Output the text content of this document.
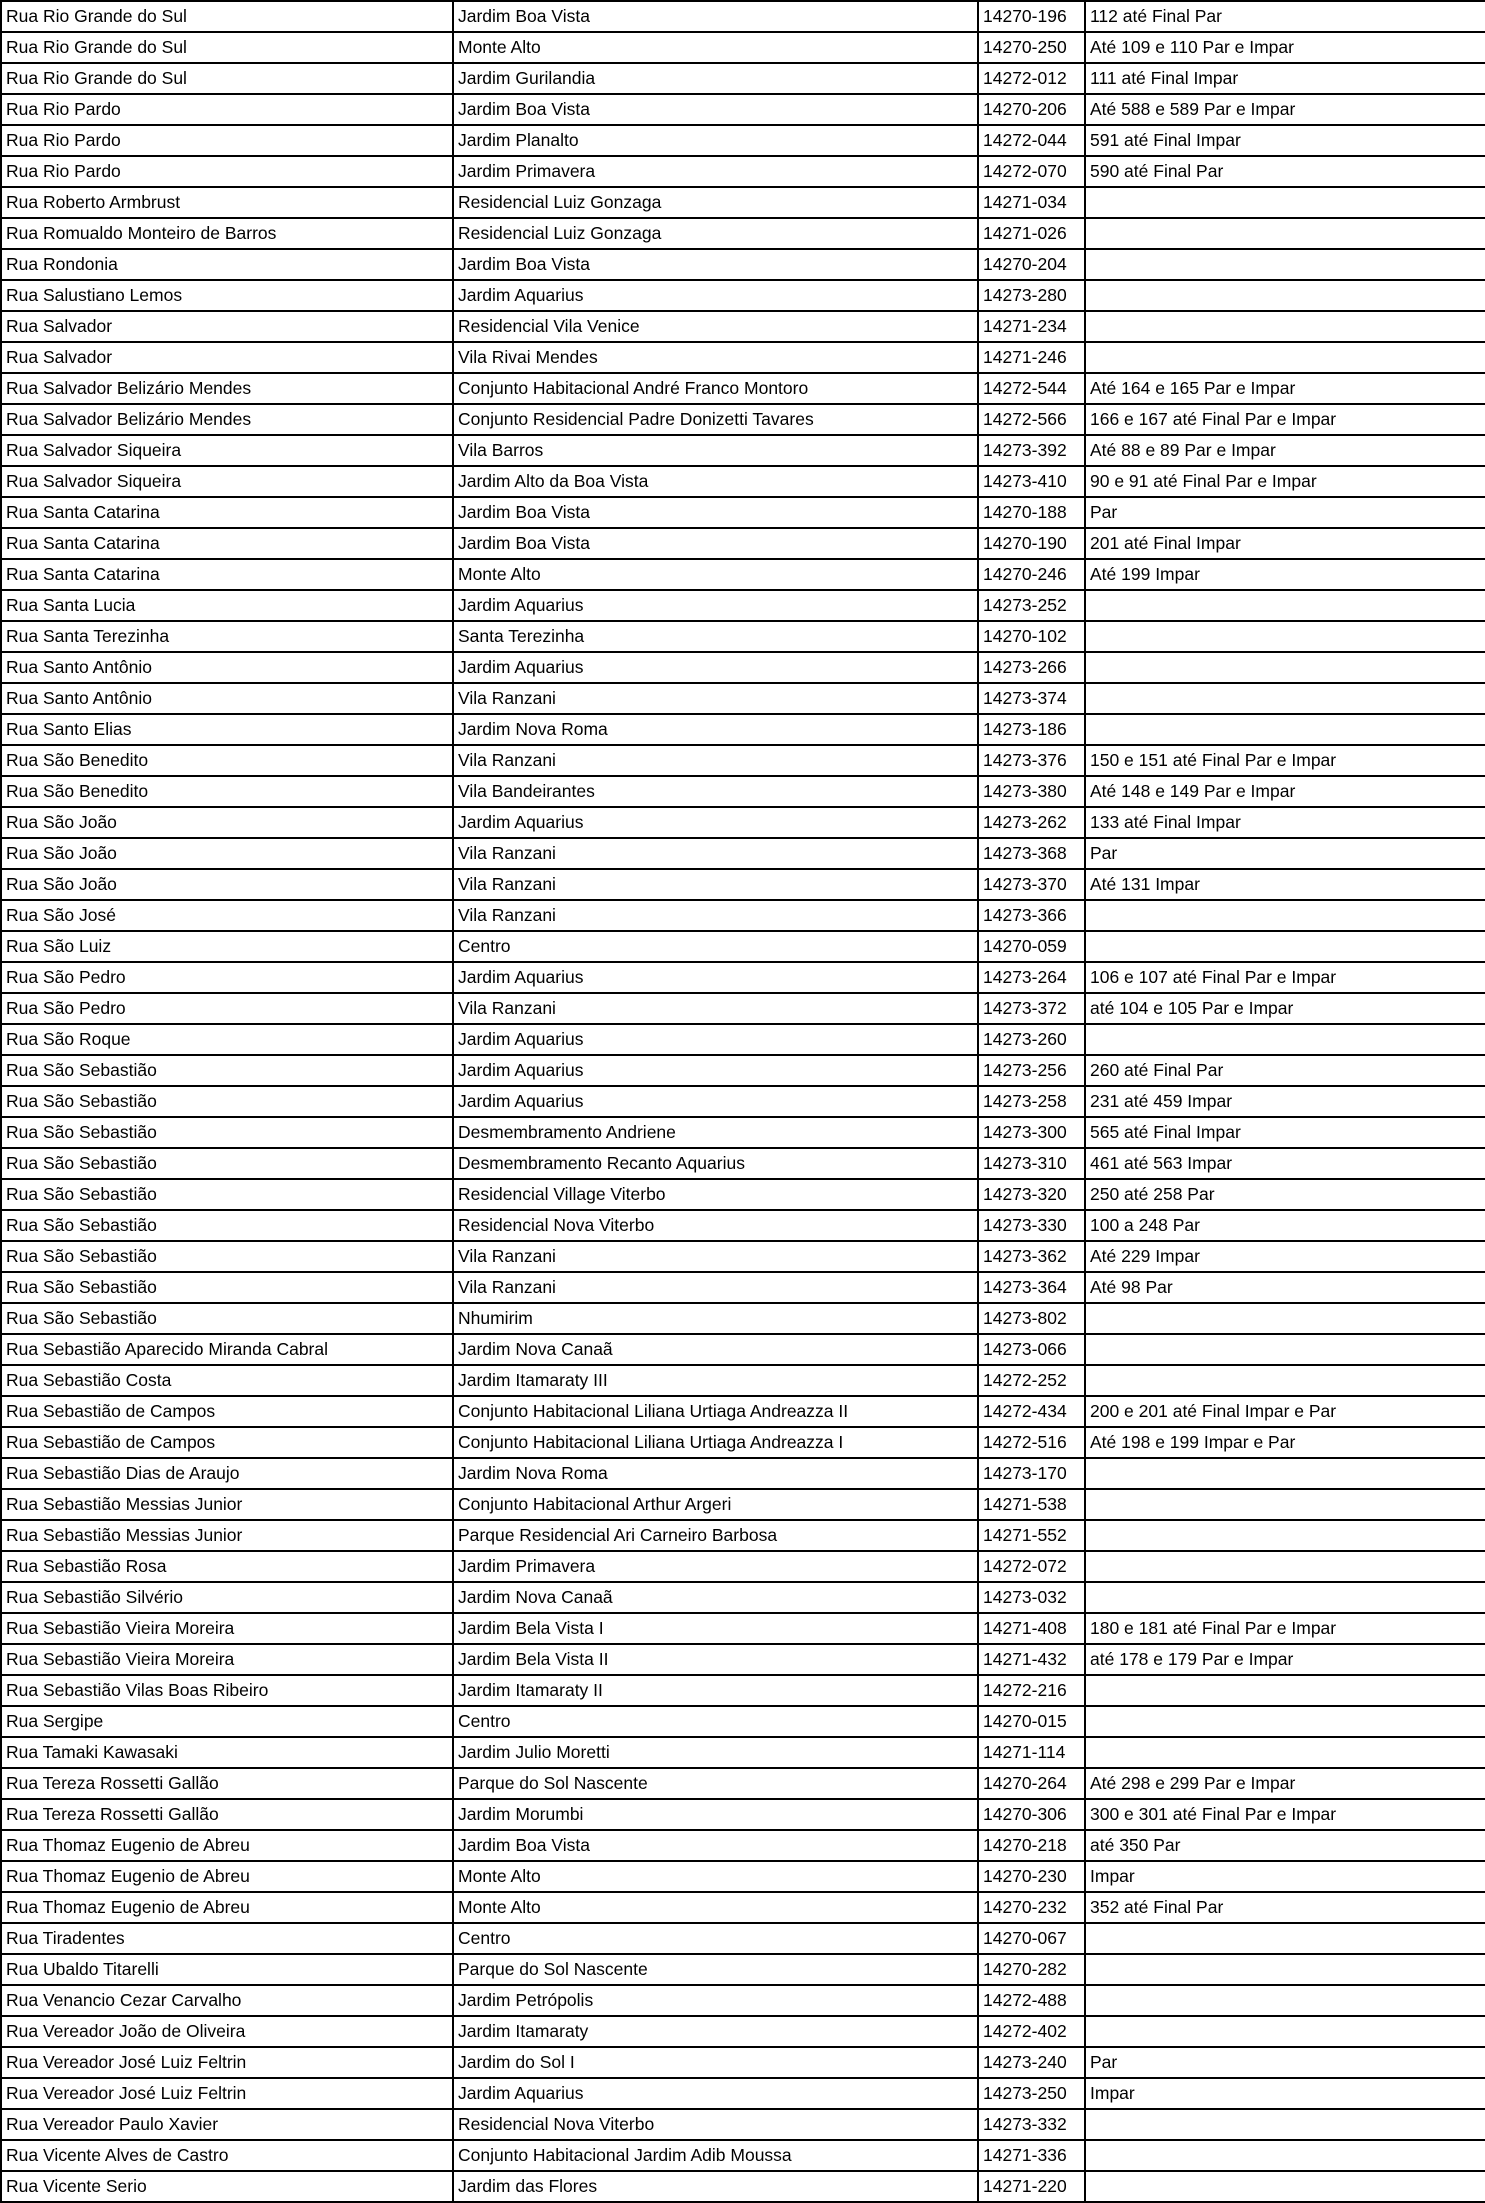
Rua Rio Grande do Sul	Jardim Boa Vista	14270-196	112 até Final Par
Rua Rio Grande do Sul	Monte Alto	14270-250	Até 109 e 110 Par e Impar
Rua Rio Grande do Sul	Jardim Gurilandia	14272-012	111 até Final Impar
Rua Rio Pardo	Jardim Boa Vista	14270-206	Até 588 e 589 Par e Impar
Rua Rio Pardo	Jardim Planalto	14272-044	591 até Final Impar
Rua Rio Pardo	Jardim Primavera	14272-070	590 até Final Par
Rua Roberto Armbrust	Residencial Luiz Gonzaga	14271-034	
Rua Romualdo Monteiro de Barros	Residencial Luiz Gonzaga	14271-026	
Rua Rondonia	Jardim Boa Vista	14270-204	
Rua Salustiano Lemos	Jardim Aquarius	14273-280	
Rua Salvador	Residencial Vila Venice	14271-234	
Rua Salvador	Vila Rivai Mendes	14271-246	
Rua Salvador Belizário Mendes	Conjunto Habitacional André Franco Montoro	14272-544	Até 164 e 165 Par e Impar
Rua Salvador Belizário Mendes	Conjunto Residencial Padre Donizetti Tavares	14272-566	166 e 167 até Final Par e Impar
Rua Salvador Siqueira	Vila Barros	14273-392	Até 88 e 89 Par e Impar
Rua Salvador Siqueira	Jardim Alto da Boa Vista	14273-410	90 e 91 até Final Par e Impar
Rua Santa Catarina	Jardim Boa Vista	14270-188	Par
Rua Santa Catarina	Jardim Boa Vista	14270-190	201 até Final Impar
Rua Santa Catarina	Monte Alto	14270-246	Até 199 Impar
Rua Santa Lucia	Jardim Aquarius	14273-252	
Rua Santa Terezinha	Santa Terezinha	14270-102	
Rua Santo Antônio	Jardim Aquarius	14273-266	
Rua Santo Antônio	Vila Ranzani	14273-374	
Rua Santo Elias	Jardim Nova Roma	14273-186	
Rua São Benedito	Vila Ranzani	14273-376	150 e 151 até Final Par e Impar
Rua São Benedito	Vila Bandeirantes	14273-380	Até 148 e 149 Par e Impar
Rua São João	Jardim Aquarius	14273-262	133 até Final Impar
Rua São João	Vila Ranzani	14273-368	Par
Rua São João	Vila Ranzani	14273-370	Até 131 Impar
Rua São José	Vila Ranzani	14273-366	
Rua São Luiz	Centro	14270-059	
Rua São Pedro	Jardim Aquarius	14273-264	106 e 107 até Final Par e Impar
Rua São Pedro	Vila Ranzani	14273-372	até 104 e 105 Par e Impar
Rua São Roque	Jardim Aquarius	14273-260	
Rua São Sebastião	Jardim Aquarius	14273-256	260 até Final Par
Rua São Sebastião	Jardim Aquarius	14273-258	231 até 459 Impar
Rua São Sebastião	Desmembramento Andriene	14273-300	565 até Final Impar
Rua São Sebastião	Desmembramento Recanto Aquarius	14273-310	461 até 563 Impar
Rua São Sebastião	Residencial Village Viterbo	14273-320	250 até 258 Par
Rua São Sebastião	Residencial Nova Viterbo	14273-330	100 a 248 Par
Rua São Sebastião	Vila Ranzani	14273-362	Até 229 Impar
Rua São Sebastião	Vila Ranzani	14273-364	Até 98 Par
Rua São Sebastião	Nhumirim	14273-802	
Rua Sebastião Aparecido Miranda Cabral	Jardim Nova Canaã	14273-066	
Rua Sebastião Costa	Jardim Itamaraty III	14272-252	
Rua Sebastião de Campos	Conjunto Habitacional Liliana Urtiaga Andreazza II	14272-434	200 e 201 até Final Impar e Par
Rua Sebastião de Campos	Conjunto Habitacional Liliana Urtiaga Andreazza I	14272-516	Até 198 e 199 Impar e Par
Rua Sebastião Dias de Araujo	Jardim Nova Roma	14273-170	
Rua Sebastião Messias Junior	Conjunto Habitacional Arthur Argeri	14271-538	
Rua Sebastião Messias Junior	Parque Residencial Ari Carneiro Barbosa	14271-552	
Rua Sebastião Rosa	Jardim Primavera	14272-072	
Rua Sebastião Silvério	Jardim Nova Canaã	14273-032	
Rua Sebastião Vieira Moreira	Jardim Bela Vista I	14271-408	180 e 181 até Final Par e Impar
Rua Sebastião Vieira Moreira	Jardim Bela Vista II	14271-432	até 178 e 179 Par e Impar
Rua Sebastião Vilas Boas Ribeiro	Jardim Itamaraty II	14272-216	
Rua Sergipe	Centro	14270-015	
Rua Tamaki Kawasaki	Jardim Julio Moretti	14271-114	
Rua Tereza Rossetti Gallão	Parque do Sol Nascente	14270-264	Até 298 e 299 Par e Impar
Rua Tereza Rossetti Gallão	Jardim Morumbi	14270-306	300 e 301 até Final Par e Impar
Rua Thomaz Eugenio de Abreu	Jardim Boa Vista	14270-218	até 350 Par
Rua Thomaz Eugenio de Abreu	Monte Alto	14270-230	Impar
Rua Thomaz Eugenio de Abreu	Monte Alto	14270-232	352 até Final Par
Rua Tiradentes	Centro	14270-067	
Rua Ubaldo Titarelli	Parque do Sol Nascente	14270-282	
Rua Venancio Cezar Carvalho	Jardim Petrópolis	14272-488	
Rua Vereador João de Oliveira	Jardim Itamaraty	14272-402	
Rua Vereador José Luiz Feltrin	Jardim do Sol I	14273-240	Par
Rua Vereador José Luiz Feltrin	Jardim Aquarius	14273-250	Impar
Rua Vereador Paulo Xavier	Residencial Nova Viterbo	14273-332	
Rua Vicente Alves de Castro	Conjunto Habitacional Jardim Adib Moussa	14271-336	
Rua Vicente Serio	Jardim das Flores	14271-220	
